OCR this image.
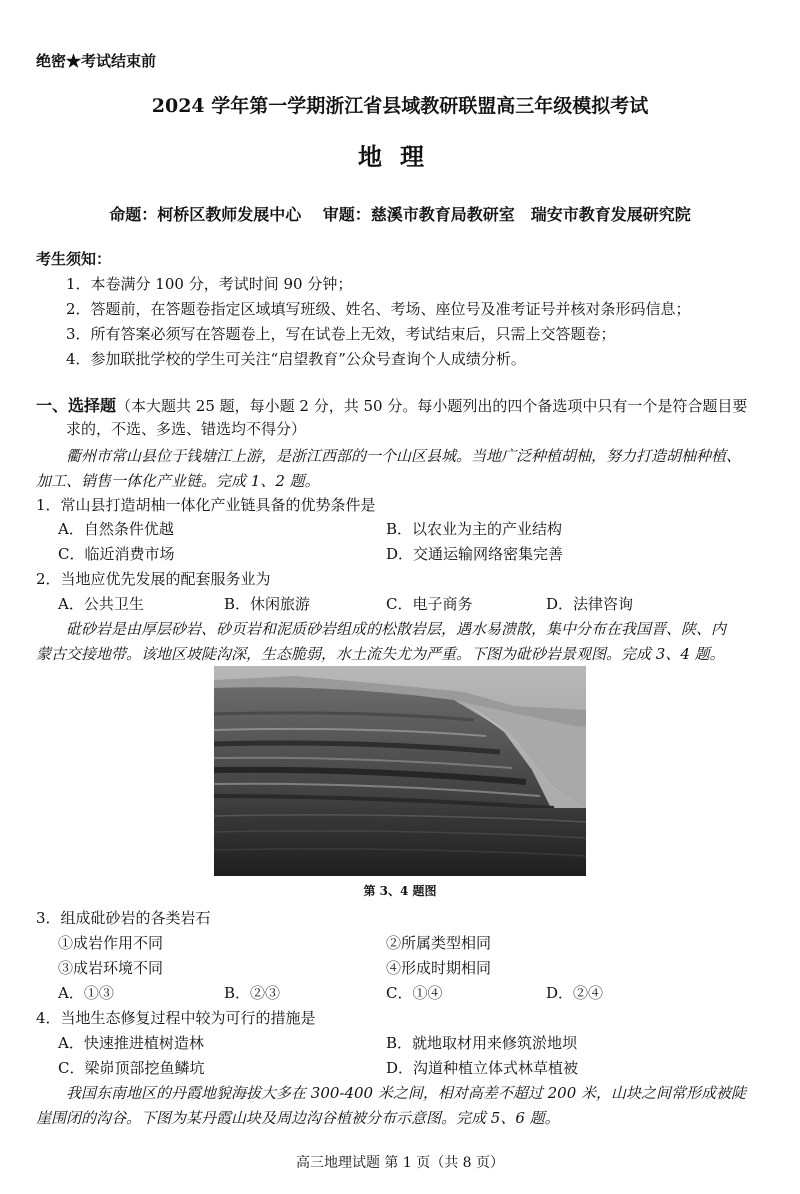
绝密★考试结束前
2024 学年第一学期浙江省县域教研联盟高三年级模拟考试
地理
命题：柯桥区教师发展中心　 审题：慈溪市教育局教研室　瑞安市教育发展研究院
考生须知：
1．本卷满分 100 分，考试时间 90 分钟；
2．答题前，在答题卷指定区域填写班级、姓名、考场、座位号及准考证号并核对条形码信息；
3．所有答案必须写在答题卷上，写在试卷上无效，考试结束后，只需上交答题卷；
4．参加联批学校的学生可关注“启望教育”公众号查询个人成绩分析。
一、选择题（本大题共 25 题，每小题 2 分，共 50 分。每小题列出的四个备选项中只有一个是符合题目要
求的，不选、多选、错选均不得分）
衢州市常山县位于钱塘江上游，是浙江西部的一个山区县城。当地广泛种植胡柚，努力打造胡柚种植、
加工、销售一体化产业链。完成 1、2 题。
1．常山县打造胡柚一体化产业链具备的优势条件是
A．自然条件优越	B．以农业为主的产业结构
C．临近消费市场	D．交通运输网络密集完善
2．当地应优先发展的配套服务业为
A．公共卫生	B．休闲旅游	C．电子商务	D．法律咨询
砒砂岩是由厚层砂岩、砂页岩和泥质砂岩组成的松散岩层，遇水易溃散，集中分布在我国晋、陕、内
蒙古交接地带。该地区坡陡沟深，生态脆弱，水土流失尤为严重。下图为砒砂岩景观图。完成 3、4 题。
第 3、4 题图
3．组成砒砂岩的各类岩石
①成岩作用不同	②所属类型相同
③成岩环境不同	④形成时期相同
A．①③	B．②③	C．①④	D．②④
4．当地生态修复过程中较为可行的措施是
A．快速推进植树造林	B．就地取材用来修筑淤地坝
C．梁峁顶部挖鱼鳞坑	D．沟道种植立体式林草植被
我国东南地区的丹霞地貌海拔大多在 300-400 米之间，相对高差不超过 200 米，山块之间常形成被陡
崖围闭的沟谷。下图为某丹霞山块及周边沟谷植被分布示意图。完成 5、6 题。
高三地理试题 第 1 页（共 8 页）
